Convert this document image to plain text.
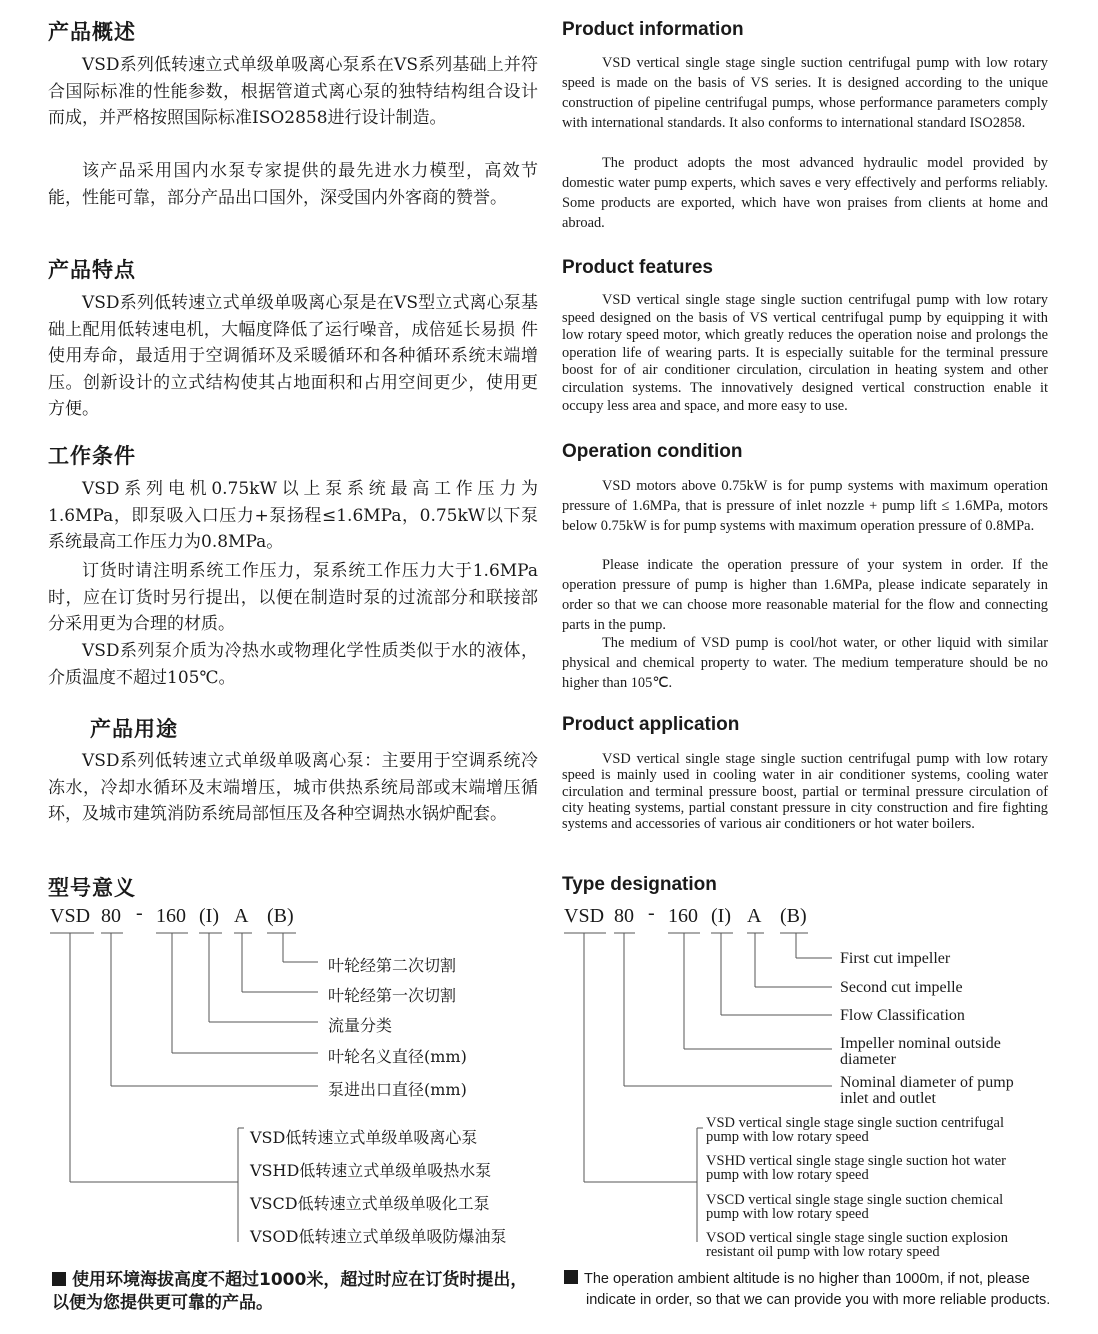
产品概述

VSD系列低转速立式单级单吸离心泵系在VS系列基础上并符合国际标准的性能参数，根据管道式离心泵的独特结构组合设计而成，并严格按照国际标准ISO2858进行设计制造。

该产品采用国内水泵专家提供的最先进水力模型，高效节能，性能可靠，部分产品出口国外，深受国内外客商的赞誉。

产品特点

VSD系列低转速立式单级单吸离心泵是在VS型立式离心泵基础上配用低转速电机，大幅度降低了运行噪音，成倍延长易损 件使用寿命，最适用于空调循环及采暖循环和各种循环系统末端增压。创新设计的立式结构使其占地面积和占用空间更少，使用更方便。

工作条件

VSD系列电机0.75kW以上泵系统最高工作压力为1.6MPa，即泵吸入口压力+泵扬程≤1.6MPa，0.75kW以下泵系统最高工作压力为0.8MPa。

订货时请注明系统工作压力，泵系统工作压力大于1.6MPa时，应在订货时另行提出，以便在制造时泵的过流部分和联接部分采用更为合理的材质。

VSD系列泵介质为冷热水或物理化学性质类似于水的液体，介质温度不超过105℃。

产品用途

VSD系列低转速立式单级单吸离心泵：主要用于空调系统冷冻水，冷却水循环及末端增压，城市供热系统局部或末端增压循环，及城市建筑消防系统局部恒压及各种空调热水锅炉配套。

型号意义
VSD 80 - 160 (I) A (B)
叶轮经第二次切割
叶轮经第一次切割
流量分类
叶轮名义直径(mm)
泵进出口直径(mm)
VSD低转速立式单级单吸离心泵
VSHD低转速立式单级单吸热水泵
VSCD低转速立式单级单吸化工泵
VSOD低转速立式单级单吸防爆油泵
使用环境海拔高度不超过1000米，超过时应在订货时提出，以便为您提供更可靠的产品。
Product information

VSD vertical single stage single suction centrifugal pump with low rotary speed is made on the basis of VS series. It is designed according to the unique construction of pipeline centrifugal pumps, whose performance parameters comply with international standards. It also conforms to international standard ISO2858.

The product adopts the most advanced hydraulic model provided by domestic water pump experts, which saves e very effectively and performs reliably. Some products are exported, which have won praises from clients at home and abroad.

Product features

VSD vertical single stage single suction centrifugal pump with low rotary speed designed on the basis of VS vertical centrifugal pump by equipping it with low rotary speed motor, which greatly reduces the operation noise and prolongs the operation life of wearing parts. It is especially suitable for the terminal pressure boost for of air conditioner circulation, circulation in heating system and other circulation systems. The innovatively designed vertical construction enable it occupy less area and space, and more easy to use.

Operation condition

VSD motors above 0.75kW is for pump systems with maximum operation pressure of 1.6MPa, that is pressure of inlet nozzle + pump lift ≤ 1.6MPa, motors below 0.75kW is for pump systems with maximum operation pressure of 0.8MPa.

Please indicate the operation pressure of your system in order. If the operation pressure of pump is higher than 1.6MPa, please indicate separately in order so that we can choose more reasonable material for the flow and connecting parts in the pump.

The medium of VSD pump is cool/hot water, or other liquid with similar physical and chemical property to water. The medium temperature should be no higher than 105℃.

Product application

VSD vertical single stage single suction centrifugal pump with low rotary speed is mainly used in cooling water in air conditioner systems, cooling water circulation and terminal pressure boost, partial or terminal pressure circulation of city heating systems, partial constant pressure in city construction and fire fighting systems and accessories of various air conditioners or hot water boilers.

Type designation
VSD 80 - 160 (I) A (B)
First cut impeller
Second cut impelle
Flow Classification
Impeller nominal outside
diameter
Nominal diameter of pump
inlet and outlet
VSD vertical single stage single suction centrifugal
pump with low rotary speed
VSHD vertical single stage single suction hot water
pump with low rotary speed
VSCD vertical single stage single suction chemical
pump with low rotary speed
VSOD vertical single stage single suction explosion
resistant oil pump with low rotary speed
The operation ambient altitude is no higher than 1000m, if not, please
indicate in order, so that we can provide you with more reliable products.
